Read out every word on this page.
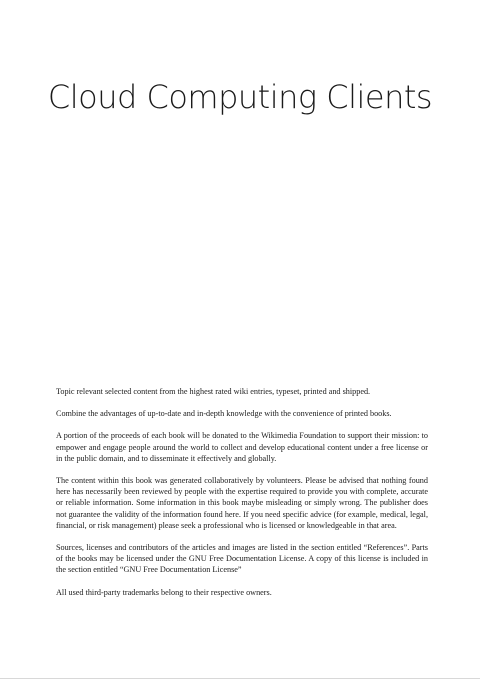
Cloud Computing Clients

Topic relevant selected content from the highest rated wiki entries, typeset, printed and shipped.

Combine the advantages of up-to-date and in-depth knowledge with the convenience of printed books.

A portion of the proceeds of each book will be donated to the Wikimedia Foundation to support their mission: to empower and engage people around the world to collect and develop educational content under a free license or in the public domain, and to disseminate it effectively and globally.

The content within this book was generated collaboratively by volunteers. Please be advised that nothing found here has necessarily been reviewed by people with the expertise required to provide you with complete, accurate or reliable information. Some information in this book maybe misleading or simply wrong. The publisher does not guarantee the validity of the information found here. If you need specific advice (for example, medical, legal, financial, or risk management) please seek a professional who is licensed or knowledgeable in that area.

Sources, licenses and contributors of the articles and images are listed in the section entitled “References”. Parts of the books may be licensed under the GNU Free Documentation License. A copy of this license is included in the section entitled “GNU Free Documentation License”

All used third-party trademarks belong to their respective owners.
